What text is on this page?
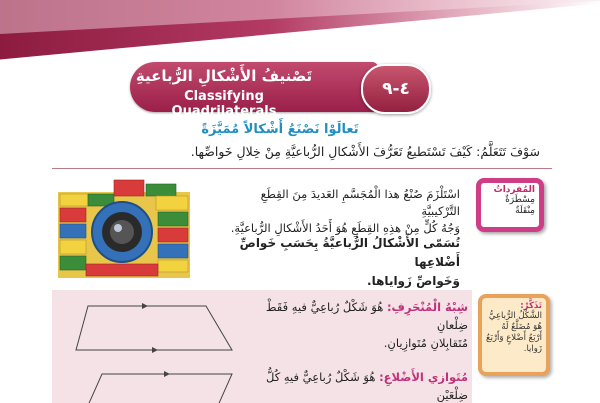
تَصْنيفُ الأَشْكالِ الرُّباعيةِ
Classifying Quadrilaterals
٤-٩
تَعالَوْا نَصْنَعُ أَشْكالاً مُمَيَّزَةً
سَوْفَ تَتَعَلَّمُ: كَيْفَ تَسْتَطيعُ تَعَرُّفَ الأَشْكالِ الرُّباعيَّةِ مِنْ خِلالِ خَواصِّها.
اسْتَلْزَمَ صُنْعُ هذا الْمُجَسَّمِ العَديدَ مِنَ القِطَعِ التَّرْكيبيَّةِ
وَجُهُ كُلٍّ مِنْ هذِهِ القِطَعِ هُوَ أَحَدُ الأَشْكالِ الرُّباعيَّةِ.
تُسَمّى الأَشْكالُ الرُّباعيَّةُ بِحَسَبِ خَواصِّ أَضْلاعِها
وَخَواصِّ زَواياها.
المُفرداتُ
مِسْطَرَةٌ
مِنْقَلَةٌ
شِبْهُ الْمُنْحَرِفِ: هُوَ شَكْلٌ رُباعِيٌّ فيهِ فَقَطْ ضِلْعانِ
مُتَقابِلانِ مُتَوازِيانِ.
مُتَوازي الأَضْلاعِ: هُوَ شَكْلٌ رُباعِيٌّ فيهِ كُلُّ ضِلْعَيْنِ
تَذَكَّرْ:
الشَّكْلُ الرُّباعِيُّ هُوَ مُضَلَّعٌ لَهُ أَرْبَعُ أَضْلاعٍ وَأَرْبَعُ زَوايا.
